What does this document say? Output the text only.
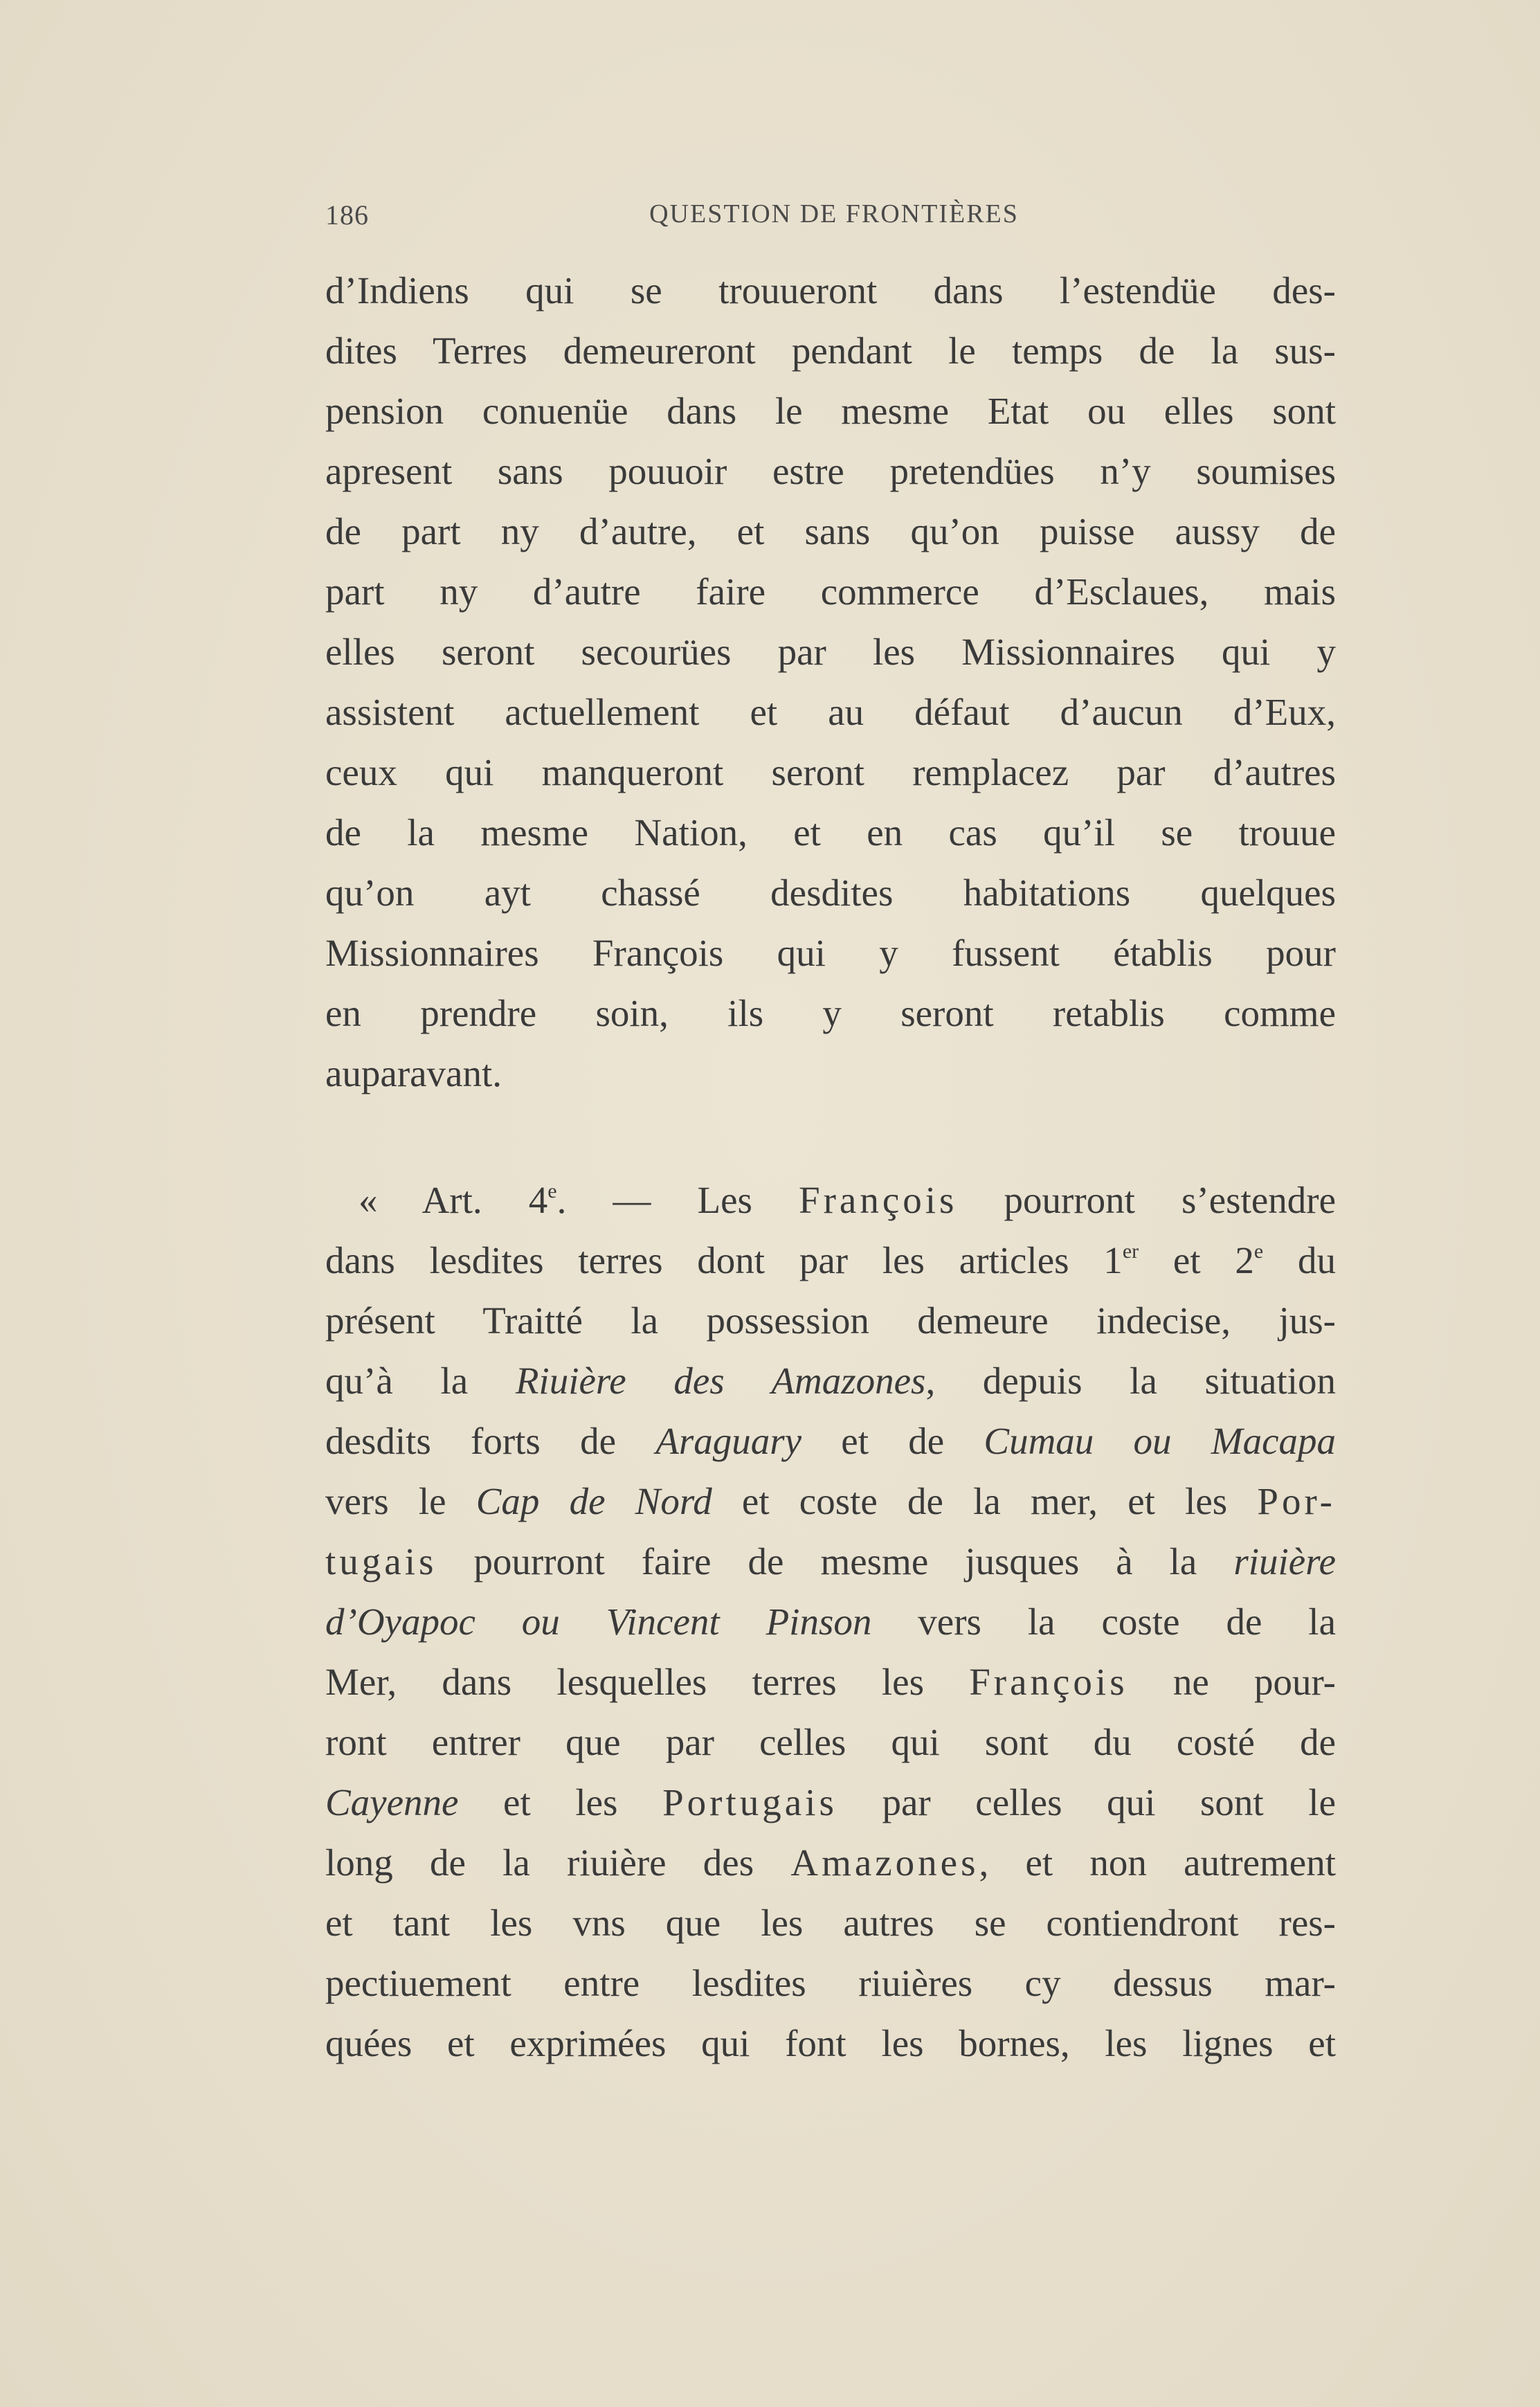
186	QUESTION DE FRONTIÈRES
d’Indiens qui se trouueront dans l’estendüe des-
dites Terres demeureront pendant le temps de la sus-
pension conuenüe dans le mesme Etat ou elles sont
apresent sans pouuoir estre pretendües n’y soumises
de part ny d’autre, et sans qu’on puisse aussy de
part ny d’autre faire commerce d’Esclaues, mais
elles seront secourües par les Missionnaires qui y
assistent actuellement et au défaut d’aucun d’Eux,
ceux qui manqueront seront remplacez par d’autres
de la mesme Nation, et en cas qu’il se trouue
qu’on ayt chassé desdites habitations quelques
Missionnaires François qui y fussent établis pour
en prendre soin, ils y seront retablis comme
auparavant.
« Art. 4e. — Les François pourront s’estendre
dans lesdites terres dont par les articles 1er et 2e du
présent Traitté la possession demeure indecise, jus-
qu’à la Riuière des Amazones, depuis la situation
desdits forts de Araguary et de Cumau ou Macapa
vers le Cap de Nord et coste de la mer, et les Por-
tugais pourront faire de mesme jusques à la riuière
d’Oyapoc ou Vincent Pinson vers la coste de la
Mer, dans lesquelles terres les François ne pour-
ront entrer que par celles qui sont du costé de
Cayenne et les Portugais par celles qui sont le
long de la riuière des Amazones, et non autrement
et tant les vns que les autres se contiendront res-
pectiuement entre lesdites riuières cy dessus mar-
quées et exprimées qui font les bornes, les lignes et
